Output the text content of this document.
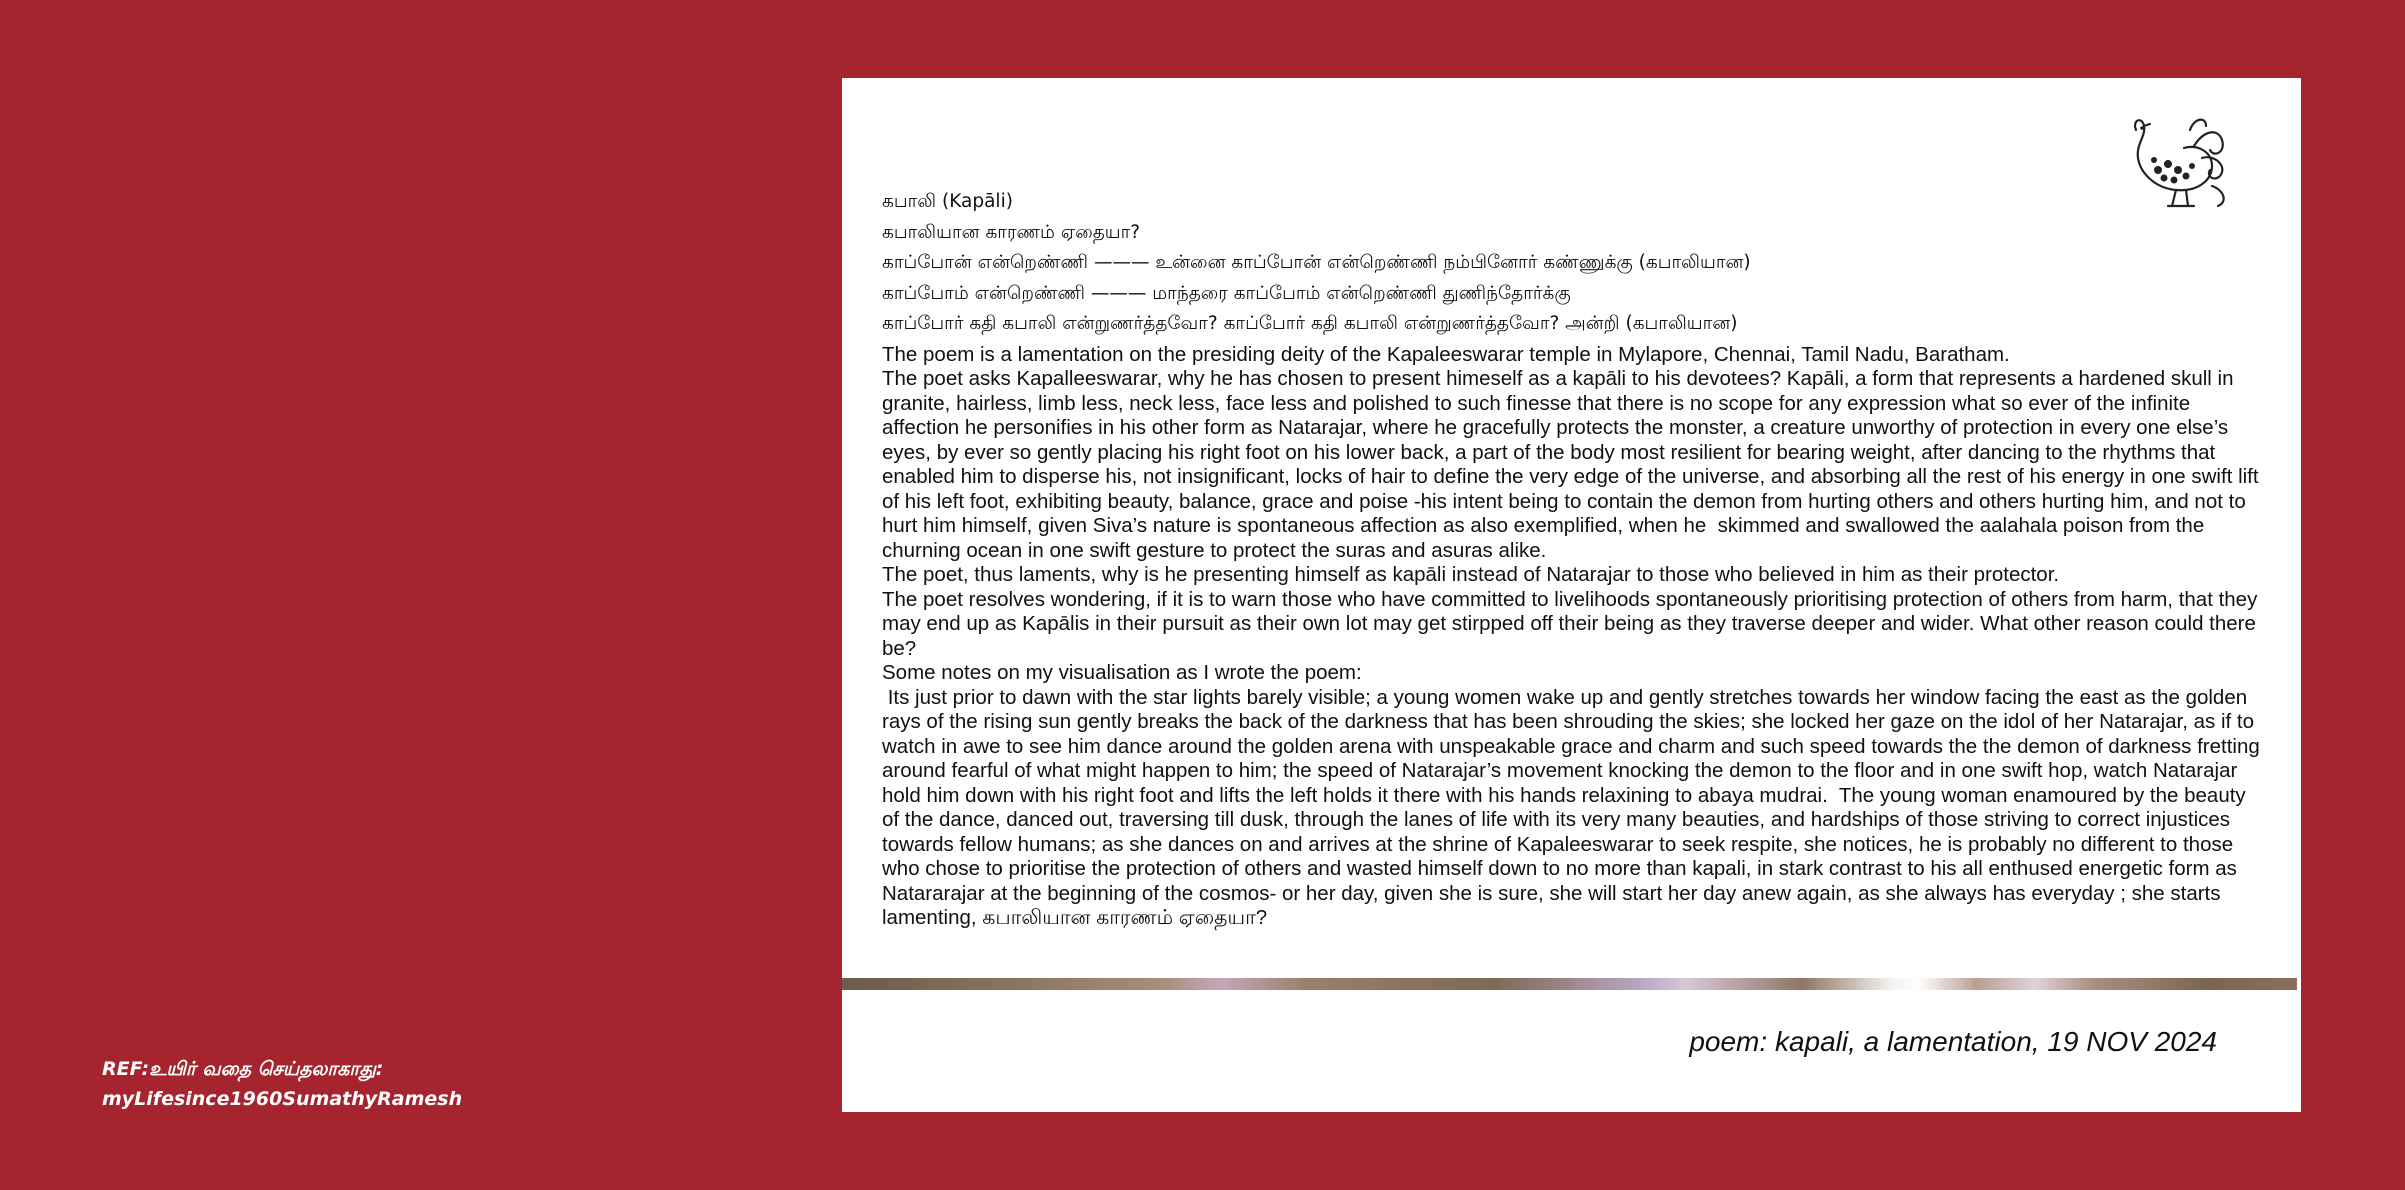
கபாலி (Kapāli)
கபாலியான காரணம் ஏதையா?
காப்போன் என்றெண்ணி ——— உன்னை காப்போன் என்றெண்ணி நம்பினோர் கண்ணுக்கு (கபாலியான)
காப்போம் என்றெண்ணி ——— மாந்தரை காப்போம் என்றெண்ணி துணிந்தோர்க்கு
காப்போர் கதி கபாலி என்றுணர்த்தவோ? காப்போர் கதி கபாலி என்றுணர்த்தவோ? அன்றி (கபாலியான)

The poem is a lamentation on the presiding deity of the Kapaleeswarar temple in Mylapore, Chennai, Tamil Nadu, Baratham.

The poet asks Kapalleeswarar, why he has chosen to present himeself as a kapāli to his devotees? Kapāli, a form that represents a hardened skull in granite, hairless, limb less, neck less, face less and polished to such finesse that there is no scope for any expression what so ever of the infinite affection he personifies in his other form as Natarajar, where he gracefully protects the monster, a creature unworthy of protection in every one else’s eyes, by ever so gently placing his right foot on his lower back, a part of the body most resilient for bearing weight, after dancing to the rhythms that enabled him to disperse his, not insignificant, locks of hair to define the very edge of the universe, and absorbing all the rest of his energy in one swift lift of his left foot, exhibiting beauty, balance, grace and poise -his intent being to contain the demon from hurting others and others hurting him, and not to hurt him himself, given Siva’s nature is spontaneous affection as also exemplified, when he  skimmed and swallowed the aalahala poison from the churning ocean in one swift gesture to protect the suras and asuras alike.

The poet, thus laments, why is he presenting himself as kapāli instead of Natarajar to those who believed in him as their protector.

The poet resolves wondering, if it is to warn those who have committed to livelihoods spontaneously prioritising protection of others from harm, that they may end up as Kapālis in their pursuit as their own lot may get stirpped off their being as they traverse deeper and wider. What other reason could there be?

Some notes on my visualisation as I wrote the poem:

Its just prior to dawn with the star lights barely visible; a young women wake up and gently stretches towards her window facing the east as the golden rays of the rising sun gently breaks the back of the darkness that has been shrouding the skies; she locked her gaze on the idol of her Natarajar, as if to watch in awe to see him dance around the golden arena with unspeakable grace and charm and such speed towards the the demon of darkness fretting around fearful of what might happen to him; the speed of Natarajar’s movement knocking the demon to the floor and in one swift hop, watch Natarajar hold him down with his right foot and lifts the left holds it there with his hands relaxining to abaya mudrai.  The young woman enamoured by the beauty of the dance, danced out, traversing till dusk, through the lanes of life with its very many beauties, and hardships of those striving to correct injustices towards fellow humans; as she dances on and arrives at the shrine of Kapaleeswarar to seek respite, she notices, he is probably no different to those who chose to prioritise the protection of others and wasted himself down to no more than kapali, in stark contrast to his all enthused energetic form as Natararajar at the beginning of the cosmos- or her day, given she is sure, she will start her day anew again, as she always has everyday ; she starts lamenting, கபாலியான காரணம் ஏதையா?

poem: kapali, a lamentation, 19 NOV 2024
REF:உயிர் வதை செய்தலாகாது:
myLifesince1960SumathyRamesh
